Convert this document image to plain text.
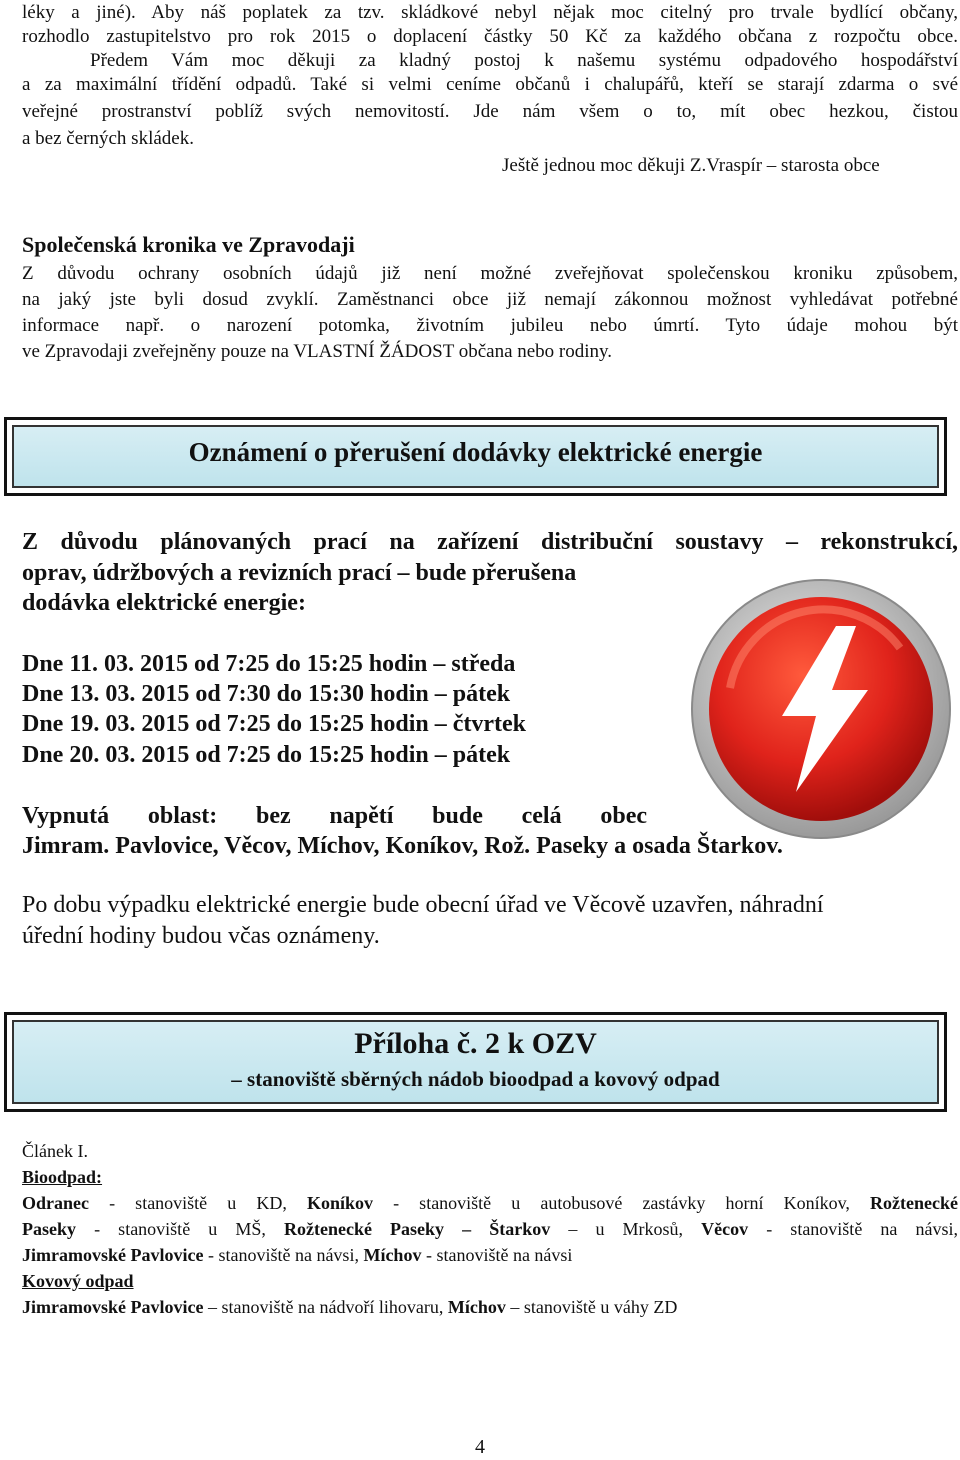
léky a jiné). Aby náš poplatek za tzv. skládkové nebyl nějak moc citelný pro trvale bydlící občany,
rozhodlo zastupitelstvo pro rok 2015 o doplacení částky 50 Kč za každého občana z rozpočtu obce.
Předem Vám moc děkuji za kladný postoj k našemu systému odpadového hospodářství
a za maximální třídění odpadů. Také si velmi ceníme občanů i chalupářů, kteří se starají zdarma o své
veřejné prostranství poblíž svých nemovitostí. Jde nám všem o to, mít obec hezkou, čistou
a bez černých skládek.
Ještě jednou moc děkuji Z.Vraspír – starosta obce
Společenská kronika ve Zpravodaji
Z důvodu ochrany osobních údajů již není možné zveřejňovat společenskou kroniku způsobem,
na jaký jste byli dosud zvyklí. Zaměstnanci obce již nemají zákonnou možnost vyhledávat potřebné
informace např. o narození potomka, životním jubileu nebo úmrtí. Tyto údaje mohou být
ve Zpravodaji zveřejněny pouze na VLASTNÍ ŽÁDOST občana nebo rodiny.
Oznámení o přerušení dodávky elektrické energie
Z důvodu plánovaných prací na zařízení distribuční soustavy – rekonstrukcí,
oprav, údržbových a revizních prací – bude přerušena
dodávka elektrické energie:
Dne 11. 03. 2015 od 7:25 do 15:25 hodin – středa
Dne 13. 03. 2015 od 7:30 do 15:30 hodin – pátek
Dne 19. 03. 2015 od 7:25 do 15:25 hodin – čtvrtek
Dne 20. 03. 2015 od 7:25 do 15:25 hodin – pátek
Vypnutá oblast: bez napětí bude celá obec
Jimram. Pavlovice, Věcov, Míchov, Koníkov, Rož. Paseky a osada Štarkov.
Po dobu výpadku elektrické energie bude obecní úřad ve Věcově uzavřen, náhradní
úřední hodiny budou včas oznámeny.
Příloha č. 2 k OZV
– stanoviště sběrných nádob bioodpad a kovový odpad
Článek I.
Bioodpad:
Odranec - stanoviště u KD, Koníkov - stanoviště u autobusové zastávky horní Koníkov, Rožtenecké
Paseky - stanoviště u MŠ, Rožtenecké Paseky – Štarkov – u Mrkosů, Věcov - stanoviště na návsi,
Jimramovské Pavlovice - stanoviště na návsi, Míchov - stanoviště na návsi
Kovový odpad
Jimramovské Pavlovice – stanoviště na nádvoří lihovaru, Míchov – stanoviště u váhy ZD
4
